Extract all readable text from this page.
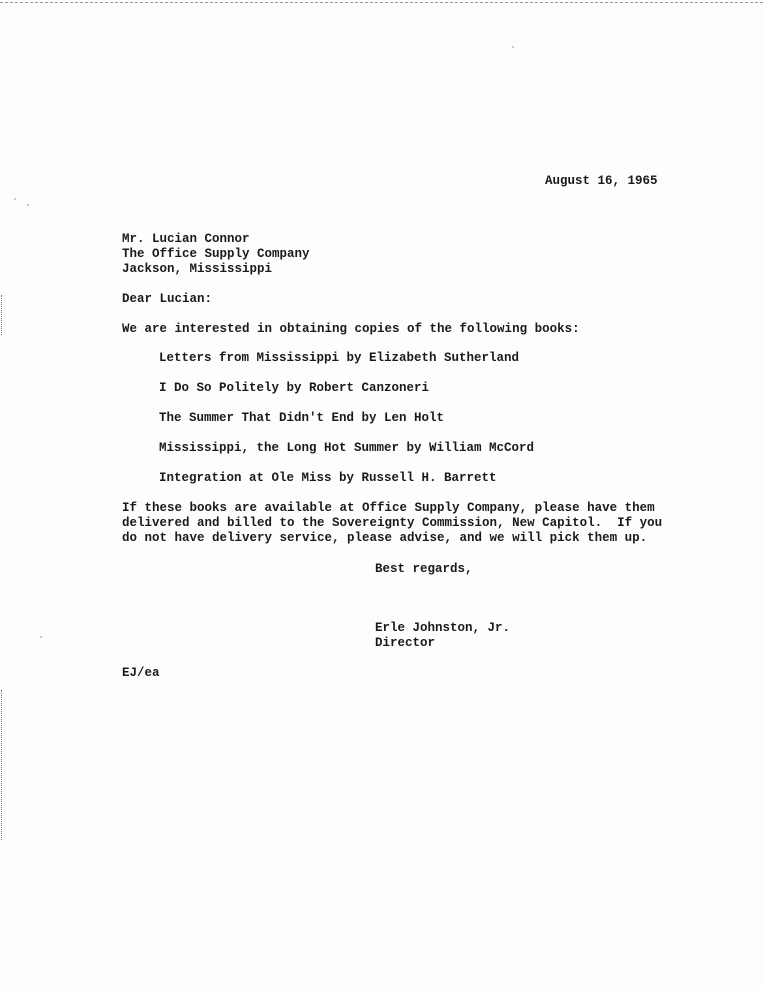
August 16, 1965
Mr. Lucian Connor
The Office Supply Company
Jackson, Mississippi
Dear Lucian:
We are interested in obtaining copies of the following books:
Letters from Mississippi by Elizabeth Sutherland
I Do So Politely by Robert Canzoneri
The Summer That Didn't End by Len Holt
Mississippi, the Long Hot Summer by William McCord
Integration at Ole Miss by Russell H. Barrett
If these books are available at Office Supply Company, please have them
delivered and billed to the Sovereignty Commission, New Capitol.  If you
do not have delivery service, please advise, and we will pick them up.
Best regards,
Erle Johnston, Jr.
Director
EJ/ea
